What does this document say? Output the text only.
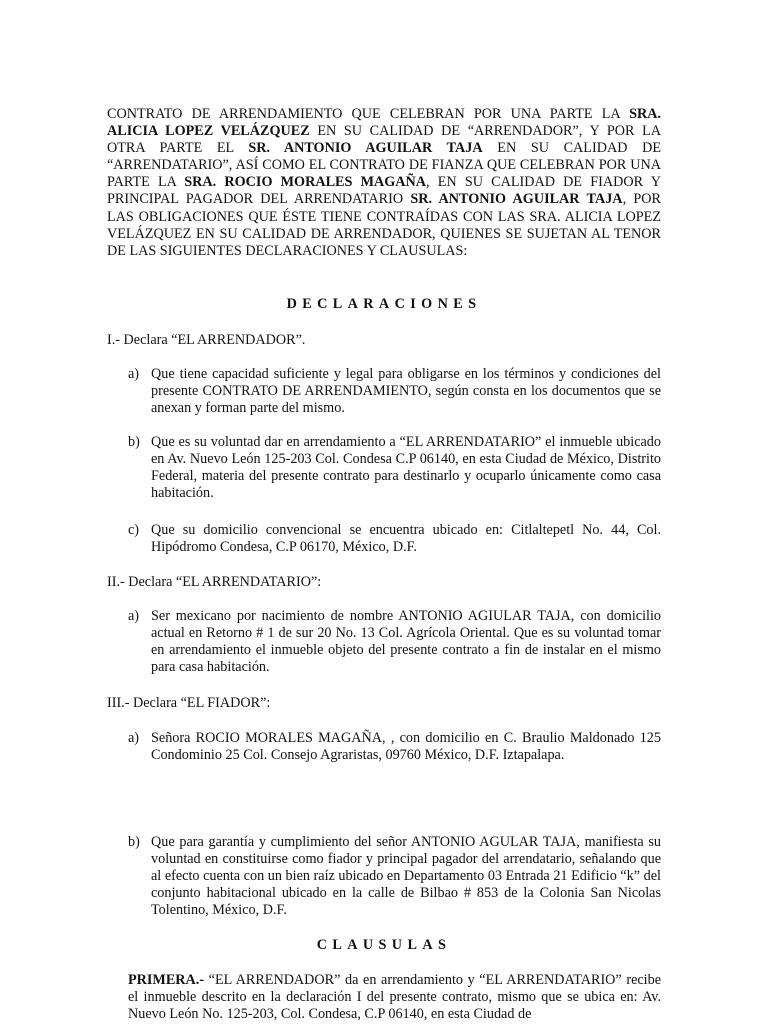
CONTRATO DE ARRENDAMIENTO QUE CELEBRAN POR UNA PARTE LA SRA. ALICIA LOPEZ VELÁZQUEZ EN SU CALIDAD DE “ARRENDADOR”, Y POR LA OTRA PARTE EL SR. ANTONIO AGUILAR TAJA EN SU CALIDAD DE “ARRENDATARIO”, ASÍ COMO EL CONTRATO DE FIANZA QUE CELEBRAN POR UNA PARTE LA SRA. ROCIO MORALES MAGAÑA, EN SU CALIDAD DE FIADOR Y PRINCIPAL PAGADOR DEL ARRENDATARIO SR. ANTONIO AGUILAR TAJA, POR LAS OBLIGACIONES QUE ÉSTE TIENE CONTRAÍDAS CON LAS SRA. ALICIA LOPEZ VELÁZQUEZ EN SU CALIDAD DE ARRENDADOR, QUIENES SE SUJETAN AL TENOR DE LAS SIGUIENTES DECLARACIONES Y CLAUSULAS:

DECLARACIONES
I.- Declara “EL ARRENDADOR”.
a) Que tiene capacidad suficiente y legal para obligarse en los términos y condiciones del presente CONTRATO DE ARRENDAMIENTO, según consta en los documentos que se anexan y forman parte del mismo.
b) Que es su voluntad dar en arrendamiento a “EL ARRENDATARIO” el inmueble ubicado en Av. Nuevo León 125-203 Col. Condesa C.P 06140, en esta Ciudad de México, Distrito Federal, materia del presente contrato para destinarlo y ocuparlo únicamente como casa habitación.
c) Que su domicilio convencional se encuentra ubicado en: Citlaltepetl No. 44, Col. Hipódromo Condesa, C.P 06170, México, D.F.
II.- Declara “EL ARRENDATARIO”:
a) Ser mexicano por nacimiento de nombre ANTONIO AGIULAR TAJA, con domicilio actual en Retorno # 1 de sur 20 No. 13 Col. Agrícola Oriental. Que es su voluntad tomar en arrendamiento el inmueble objeto del presente contrato a fin de instalar en el mismo para casa habitación.
III.- Declara “EL FIADOR”:
a) Señora ROCIO MORALES MAGAÑA, , con domicilio en C. Braulio Maldonado 125 Condominio 25 Col. Consejo Agraristas, 09760 México, D.F. Iztapalapa.
b) Que para garantía y cumplimiento del señor ANTONIO AGULAR TAJA, manifiesta su voluntad en constituirse como fiador y principal pagador del arrendatario, señalando que al efecto cuenta con un bien raíz ubicado en Departamento 03 Entrada 21 Edificio “k” del conjunto habitacional ubicado en la calle de Bilbao # 853 de la Colonia San Nicolas Tolentino, México, D.F.
CLAUSULAS

PRIMERA.- “EL ARRENDADOR” da en arrendamiento y “EL ARRENDATARIO” recibe el inmueble descrito en la declaración I del presente contrato, mismo que se ubica en: Av. Nuevo León No. 125-203, Col. Condesa, C.P 06140, en esta Ciudad de
